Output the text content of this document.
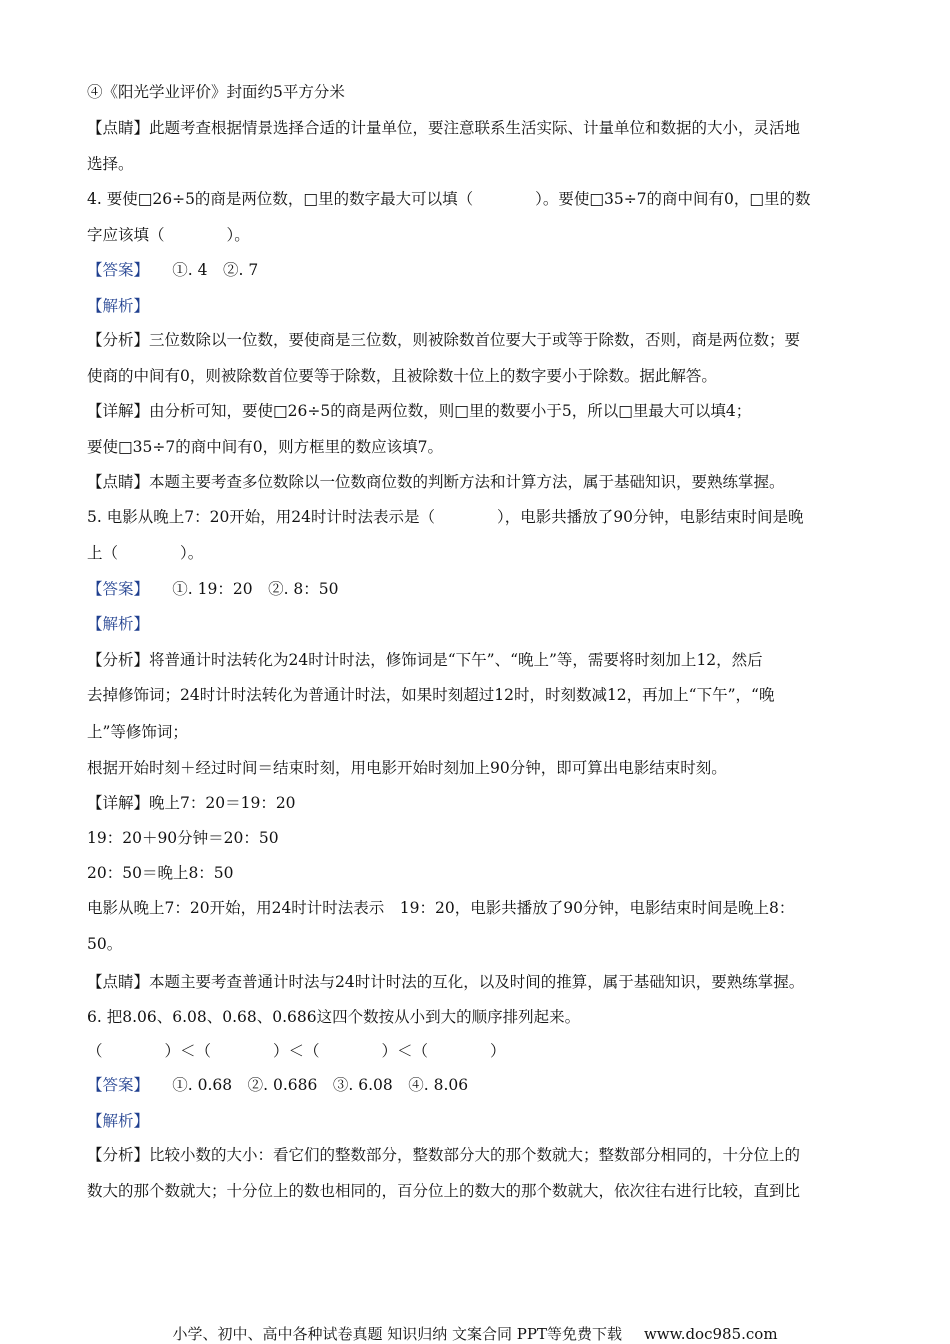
④《阳光学业评价》封面约5平方分米
【点睛】此题考查根据情景选择合适的计量单位，要注意联系生活实际、计量单位和数据的大小，灵活地
选择。
4. 要使□26÷5的商是两位数，□里的数字最大可以填（　　　　）。要使□35÷7的商中间有0，□里的数
字应该填（　　　　）。
【答案】　　①. 4　②. 7
【解析】
【分析】三位数除以一位数，要使商是三位数，则被除数首位要大于或等于除数，否则，商是两位数；要
使商的中间有0，则被除数首位要等于除数，且被除数十位上的数字要小于除数。据此解答。
【详解】由分析可知，要使□26÷5的商是两位数，则□里的数要小于5，所以□里最大可以填4；
要使□35÷7的商中间有0，则方框里的数应该填7。
【点睛】本题主要考查多位数除以一位数商位数的判断方法和计算方法，属于基础知识，要熟练掌握。
5. 电影从晚上7：20开始，用24时计时法表示是（　　　　），电影共播放了90分钟，电影结束时间是晚
上（　　　　）。
【答案】　　①. 19：20　②. 8：50
【解析】
【分析】将普通计时法转化为24时计时法，修饰词是“下午”、“晚上”等，需要将时刻加上12，然后
去掉修饰词；24时计时法转化为普通计时法，如果时刻超过12时，时刻数减12，再加上“下午”，“晚
上”等修饰词；
根据开始时刻＋经过时间＝结束时刻，用电影开始时刻加上90分钟，即可算出电影结束时刻。
【详解】晚上7：20＝19：20
19：20＋90分钟＝20：50
20：50＝晚上8：50
电影从晚上7：20开始，用24时计时法表示　19：20，电影共播放了90分钟，电影结束时间是晚上8：
50。
【点睛】本题主要考查普通计时法与24时计时法的互化，以及时间的推算，属于基础知识，要熟练掌握。
6. 把8.06、6.08、0.68、0.686这四个数按从小到大的顺序排列起来。
（　　　　）＜（　　　　）＜（　　　　）＜（　　　　）
【答案】　　①. 0.68　②. 0.686　③. 6.08　④. 8.06
【解析】
【分析】比较小数的大小：看它们的整数部分，整数部分大的那个数就大；整数部分相同的，十分位上的
数大的那个数就大；十分位上的数也相同的，百分位上的数大的那个数就大，依次往右进行比较，直到比
小学、初中、高中各种试卷真题 知识归纳 文案合同 PPT等免费下载 www.doc985.com
